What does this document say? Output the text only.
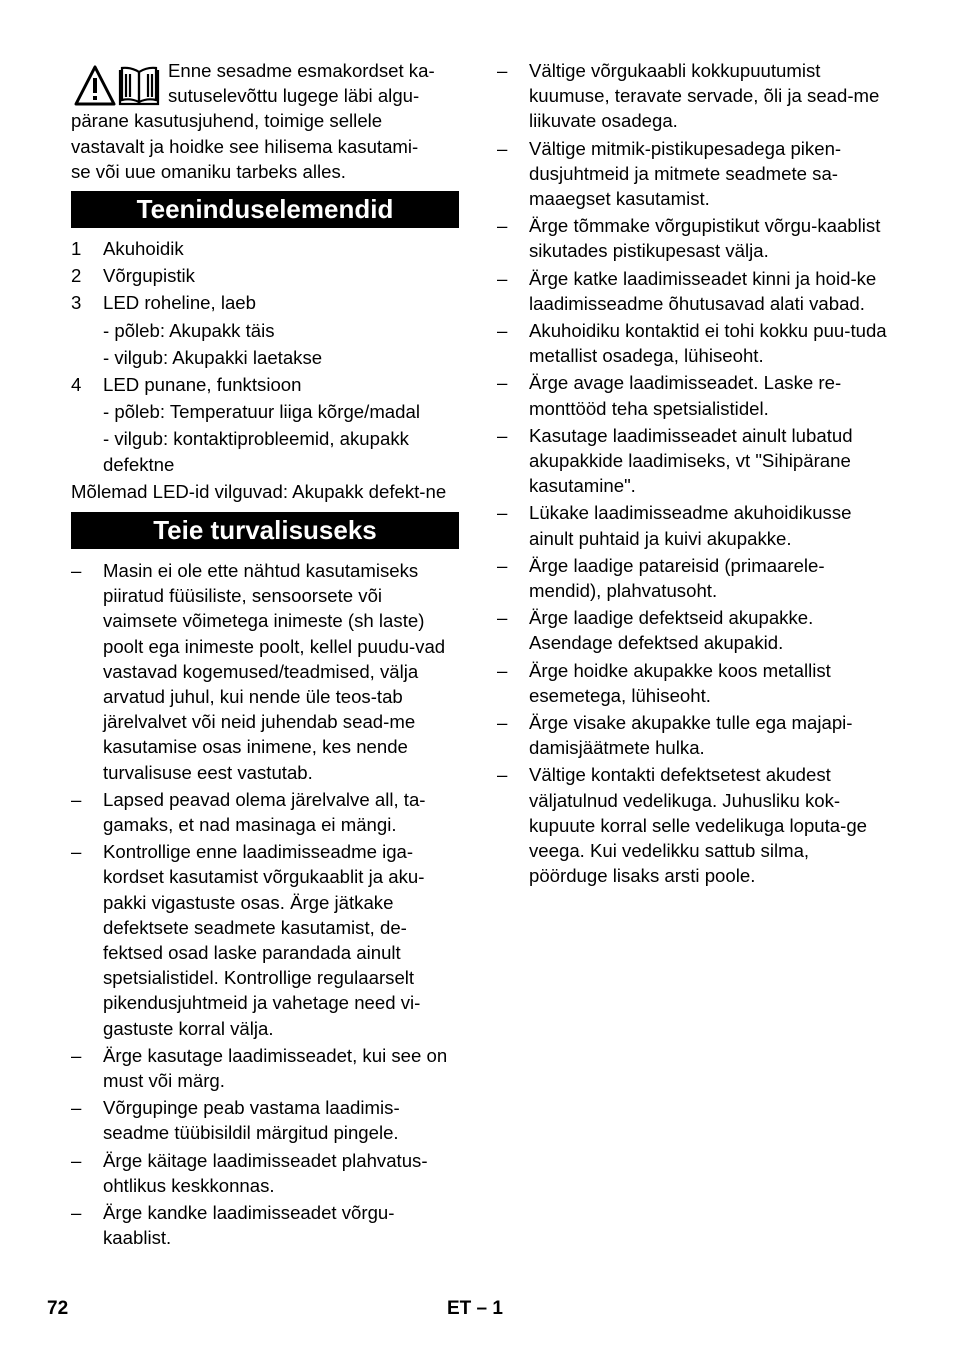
Enne sesadme esmakordset ka-
sutuselevõttu lugege läbi algu-
pärane kasutusjuhend, toimige sellele
vastavalt ja hoidke see hilisema kasutami-
se või uue omaniku tarbeks alles.
Teeninduselemendid
1	Akuhoidik
2	Võrgupistik
3	LED roheline, laeb
- põleb: Akupakk täis
- vilgub: Akupakki laetakse
4	LED punane, funktsioon
- põleb: Temperatuur liiga kõrge/madal
- vilgub: kontaktiprobleemid, akupakk defektne
Mõlemad LED-id vilguvad: Akupakk defekt-ne
Teie turvalisuseks
–	Masin ei ole ette nähtud kasutamiseks piiratud füüsiliste, sensoorsete või vaimsete võimetega inimeste (sh laste) poolt ega inimeste poolt, kellel puudu-vad vastavad kogemused/teadmised, välja arvatud juhul, kui nende üle teos-tab järelvalvet või neid juhendab sead-me kasutamise osas inimene, kes nende turvalisuse eest vastutab.
–	Lapsed peavad olema järelvalve all, ta-gamaks, et nad masinaga ei mängi.
–	Kontrollige enne laadimisseadme iga-kordset kasutamist võrgukaablit ja aku-pakki vigastuste osas. Ärge jätkake defektsete seadmete kasutamist, de-fektsed osad laske parandada ainult spetsialistidel. Kontrollige regulaarselt pikendusjuhtmeid ja vahetage need vi-gastuste korral välja.
–	Ärge kasutage laadimisseadet, kui see on must või märg.
–	Võrgupinge peab vastama laadimis-seadme tüübisildil märgitud pingele.
–	Ärge käitage laadimisseadet plahvatus-ohtlikus keskkonnas.
–	Ärge kandke laadimisseadet võrgu-kaablist.
–	Vältige võrgukaabli kokkupuutumist kuumuse, teravate servade, õli ja sead-me liikuvate osadega.
–	Vältige mitmik-pistikupesadega piken-dusjuhtmeid ja mitmete seadmete sa-maaegset kasutamist.
–	Ärge tõmmake võrgupistikut võrgu-kaablist sikutades pistikupesast välja.
–	Ärge katke laadimisseadet kinni ja hoid-ke laadimisseadme õhutusavad alati vabad.
–	Akuhoidiku kontaktid ei tohi kokku puu-tuda metallist osadega, lühiseoht.
–	Ärge avage laadimisseadet. Laske re-monttööd teha spetsialistidel.
–	Kasutage laadimisseadet ainult lubatud akupakkide laadimiseks, vt "Sihipärane kasutamine".
–	Lükake laadimisseadme akuhoidikusse ainult puhtaid ja kuivi akupakke.
–	Ärge laadige patareisid (primaarele-mendid), plahvatusoht.
–	Ärge laadige defektseid akupakke. Asendage defektsed akupakid.
–	Ärge hoidke akupakke koos metallist esemetega, lühiseoht.
–	Ärge visake akupakke tulle ega majapi-damisjäätmete hulka.
–	Vältige kontakti defektsetest akudest väljatulnud vedelikuga. Juhusliku kok-kupuute korral selle vedelikuga loputa-ge veega. Kui vedelikku sattub silma, pöörduge lisaks arsti poole.
72	ET – 1
